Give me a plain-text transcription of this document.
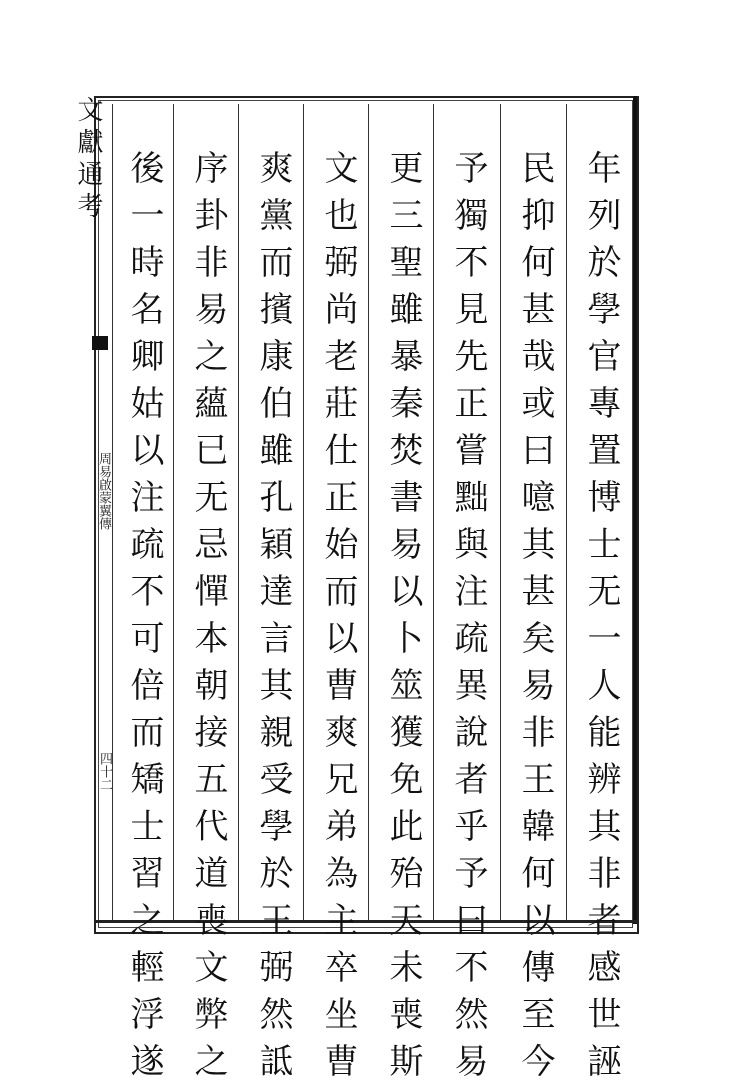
文獻通考
周易啟蒙翼傳
四十二	年列於學官專置博士无一人能辨其非者感世誣
民抑何甚哉或曰噫其甚矣易非王韓何以傳至今
予獨不見先正嘗黜與注疏異說者乎予曰不然易
更三聖雖暴秦焚書易以卜筮獲免此殆天未喪斯
文也弼尚老莊仕正始而以曹爽兄弟為主卒坐曹
爽黨而擯康伯雖孔穎達言其親受學於王弼然詆
序卦非易之蘊已无忌憚本朝接五代道喪文弊之
後一時名卿姑以注疏不可倍而矯士習之輕浮遂
